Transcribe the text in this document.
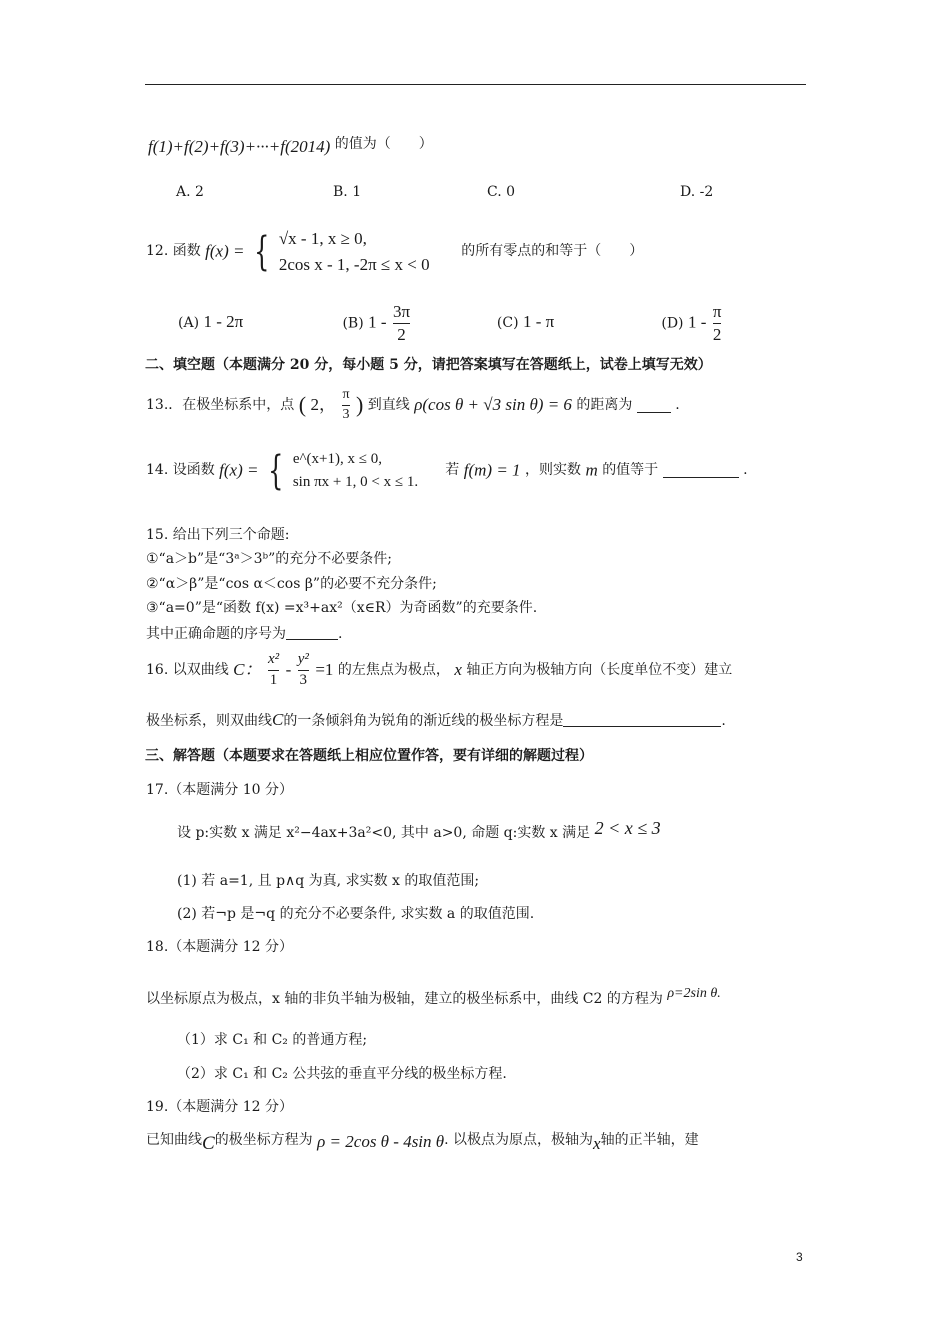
f(1)+f(2)+f(3)+···+f(2014) 的值为（　　）
A. 2	B. 1	C. 0	D. -2
12. 函数 f(x) = { √x - 1, x ≥ 0,
2cos x - 1, -2π ≤ x < 0
的所有零点的和等于（　　）
(A) 1 - 2π	(B) $1 - \frac{3\pi}{2}$	(C) 1 - π	(D) $1 - \frac{\pi}{2}$
二、填空题（本题满分 20 分，每小题 5 分，请把答案填写在答题纸上，试卷上填写无效）
13.．在极坐标系中，点 ( 2， $\frac{\pi}{3}$ ) 到直线 ρ(cos θ + √3 sin θ) = 6 的距离为	.
14. 设函数 f(x) = { e^(x+1), x ≤ 0,
sin πx + 1, 0 < x ≤ 1.
若 f(m) = 1 ，则实数 m 的值等于	.
15. 给出下列三个命题:
①“a＞b”是“3ᵃ＞3ᵇ”的充分不必要条件;
②“α＞β”是“cos α＜cos β”的必要不充分条件;
③“a=0”是“函数 f(x) =x³+ax²（x∈R）为奇函数”的充要条件.
其中正确命题的序号为	.
16. 以双曲线 C： $\frac{\text{x²}}{1} - \frac{\text{y²}}{3} =1$ 的左焦点为极点， x 轴正方向为极轴方向（长度单位不变）建立
极坐标系，则双曲线C的一条倾斜角为锐角的渐近线的极坐标方程是	.
三、解答题（本题要求在答题纸上相应位置作答，要有详细的解题过程）
17.（本题满分 10 分）
设 p:实数 x 满足 x²−4ax+3a²<0, 其中 a>0, 命题 q:实数 x 满足 2 < x ≤ 3
(1) 若 a=1, 且 p∧q 为真, 求实数 x 的取值范围;
(2) 若¬p 是¬q 的充分不必要条件, 求实数 a 的取值范围.
18.（本题满分 12 分）
以坐标原点为极点，x 轴的非负半轴为极轴，建立的极坐标系中，曲线 C2 的方程为 ρ=2sin θ.
（1）求 C₁ 和 C₂ 的普通方程;
（2）求 C₁ 和 C₂ 公共弦的垂直平分线的极坐标方程.
19.（本题满分 12 分）
已知曲线C的极坐标方程为 ρ = 2cos θ - 4sin θ. 以极点为原点，极轴为x轴的正半轴，建
3
